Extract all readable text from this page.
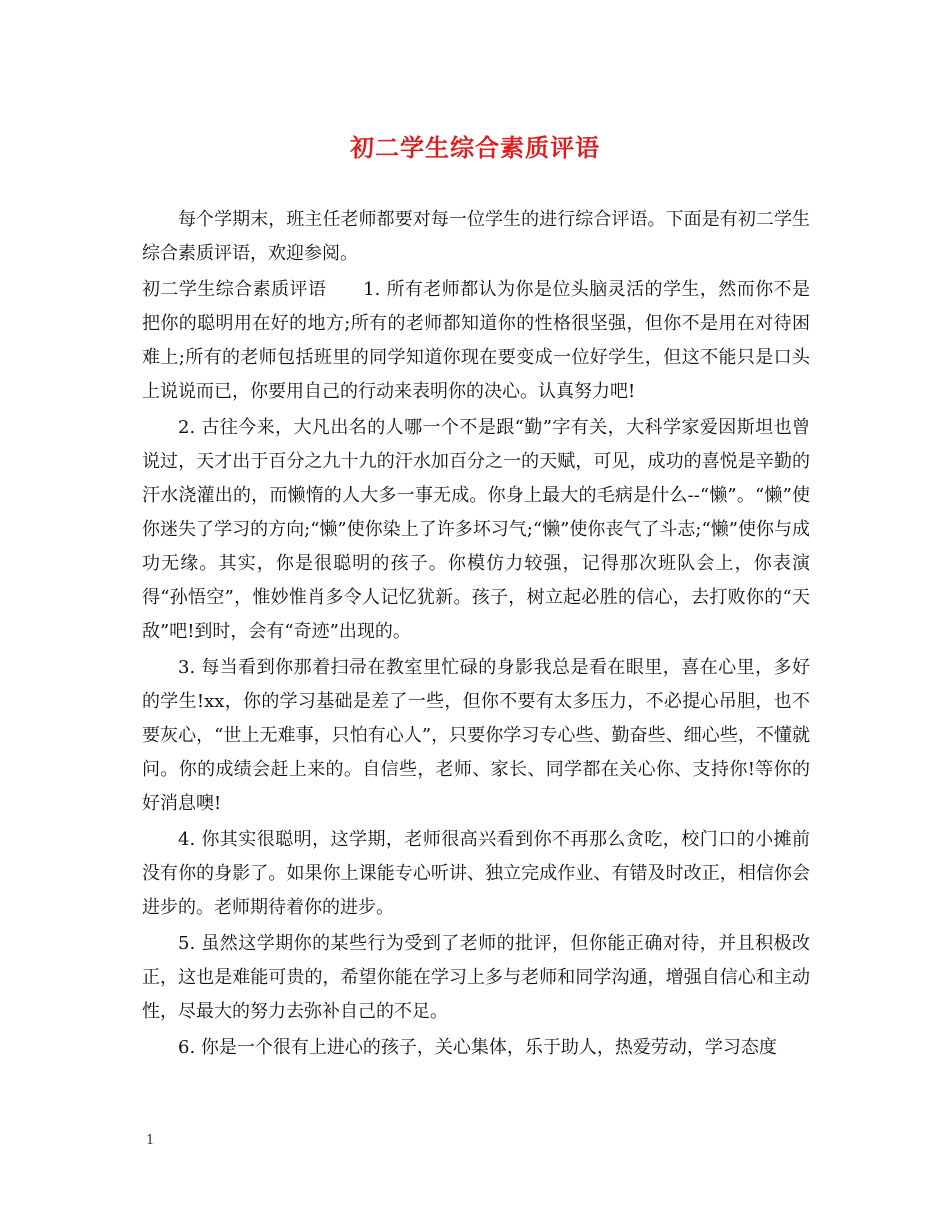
初二学生综合素质评语

每个学期末，班主任老师都要对每一位学生的进行综合评语。下面是有初二学生综合素质评语，欢迎参阅。

初二学生综合素质评语　　1. 所有老师都认为你是位头脑灵活的学生，然而你不是把你的聪明用在好的地方;所有的老师都知道你的性格很坚强，但你不是用在对待困难上;所有的老师包括班里的同学知道你现在要变成一位好学生，但这不能只是口头上说说而已，你要用自己的行动来表明你的决心。认真努力吧!

2. 古往今来，大凡出名的人哪一个不是跟“勤”字有关，大科学家爱因斯坦也曾说过，天才出于百分之九十九的汗水加百分之一的天赋，可见，成功的喜悦是辛勤的汗水浇灌出的，而懒惰的人大多一事无成。你身上最大的毛病是什么--“懒”。“懒”使你迷失了学习的方向;“懒”使你染上了许多坏习气;“懒”使你丧气了斗志;“懒”使你与成功无缘。其实，你是很聪明的孩子。你模仿力较强，记得那次班队会上，你表演得“孙悟空”，惟妙惟肖多令人记忆犹新。孩子，树立起必胜的信心，去打败你的“天敌”吧!到时，会有“奇迹”出现的。

3. 每当看到你那着扫帚在教室里忙碌的身影我总是看在眼里，喜在心里，多好的学生!xx，你的学习基础是差了一些，但你不要有太多压力，不必提心吊胆，也不要灰心，“世上无难事，只怕有心人”，只要你学习专心些、勤奋些、细心些，不懂就问。你的成绩会赶上来的。自信些，老师、家长、同学都在关心你、支持你!等你的好消息噢!

4. 你其实很聪明，这学期，老师很高兴看到你不再那么贪吃，校门口的小摊前没有你的身影了。如果你上课能专心听讲、独立完成作业、有错及时改正，相信你会进步的。老师期待着你的进步。

5. 虽然这学期你的某些行为受到了老师的批评，但你能正确对待，并且积极改正，这也是难能可贵的，希望你能在学习上多与老师和同学沟通，增强自信心和主动性，尽最大的努力去弥补自己的不足。

6. 你是一个很有上进心的孩子，关心集体，乐于助人，热爱劳动，学习态度

1
